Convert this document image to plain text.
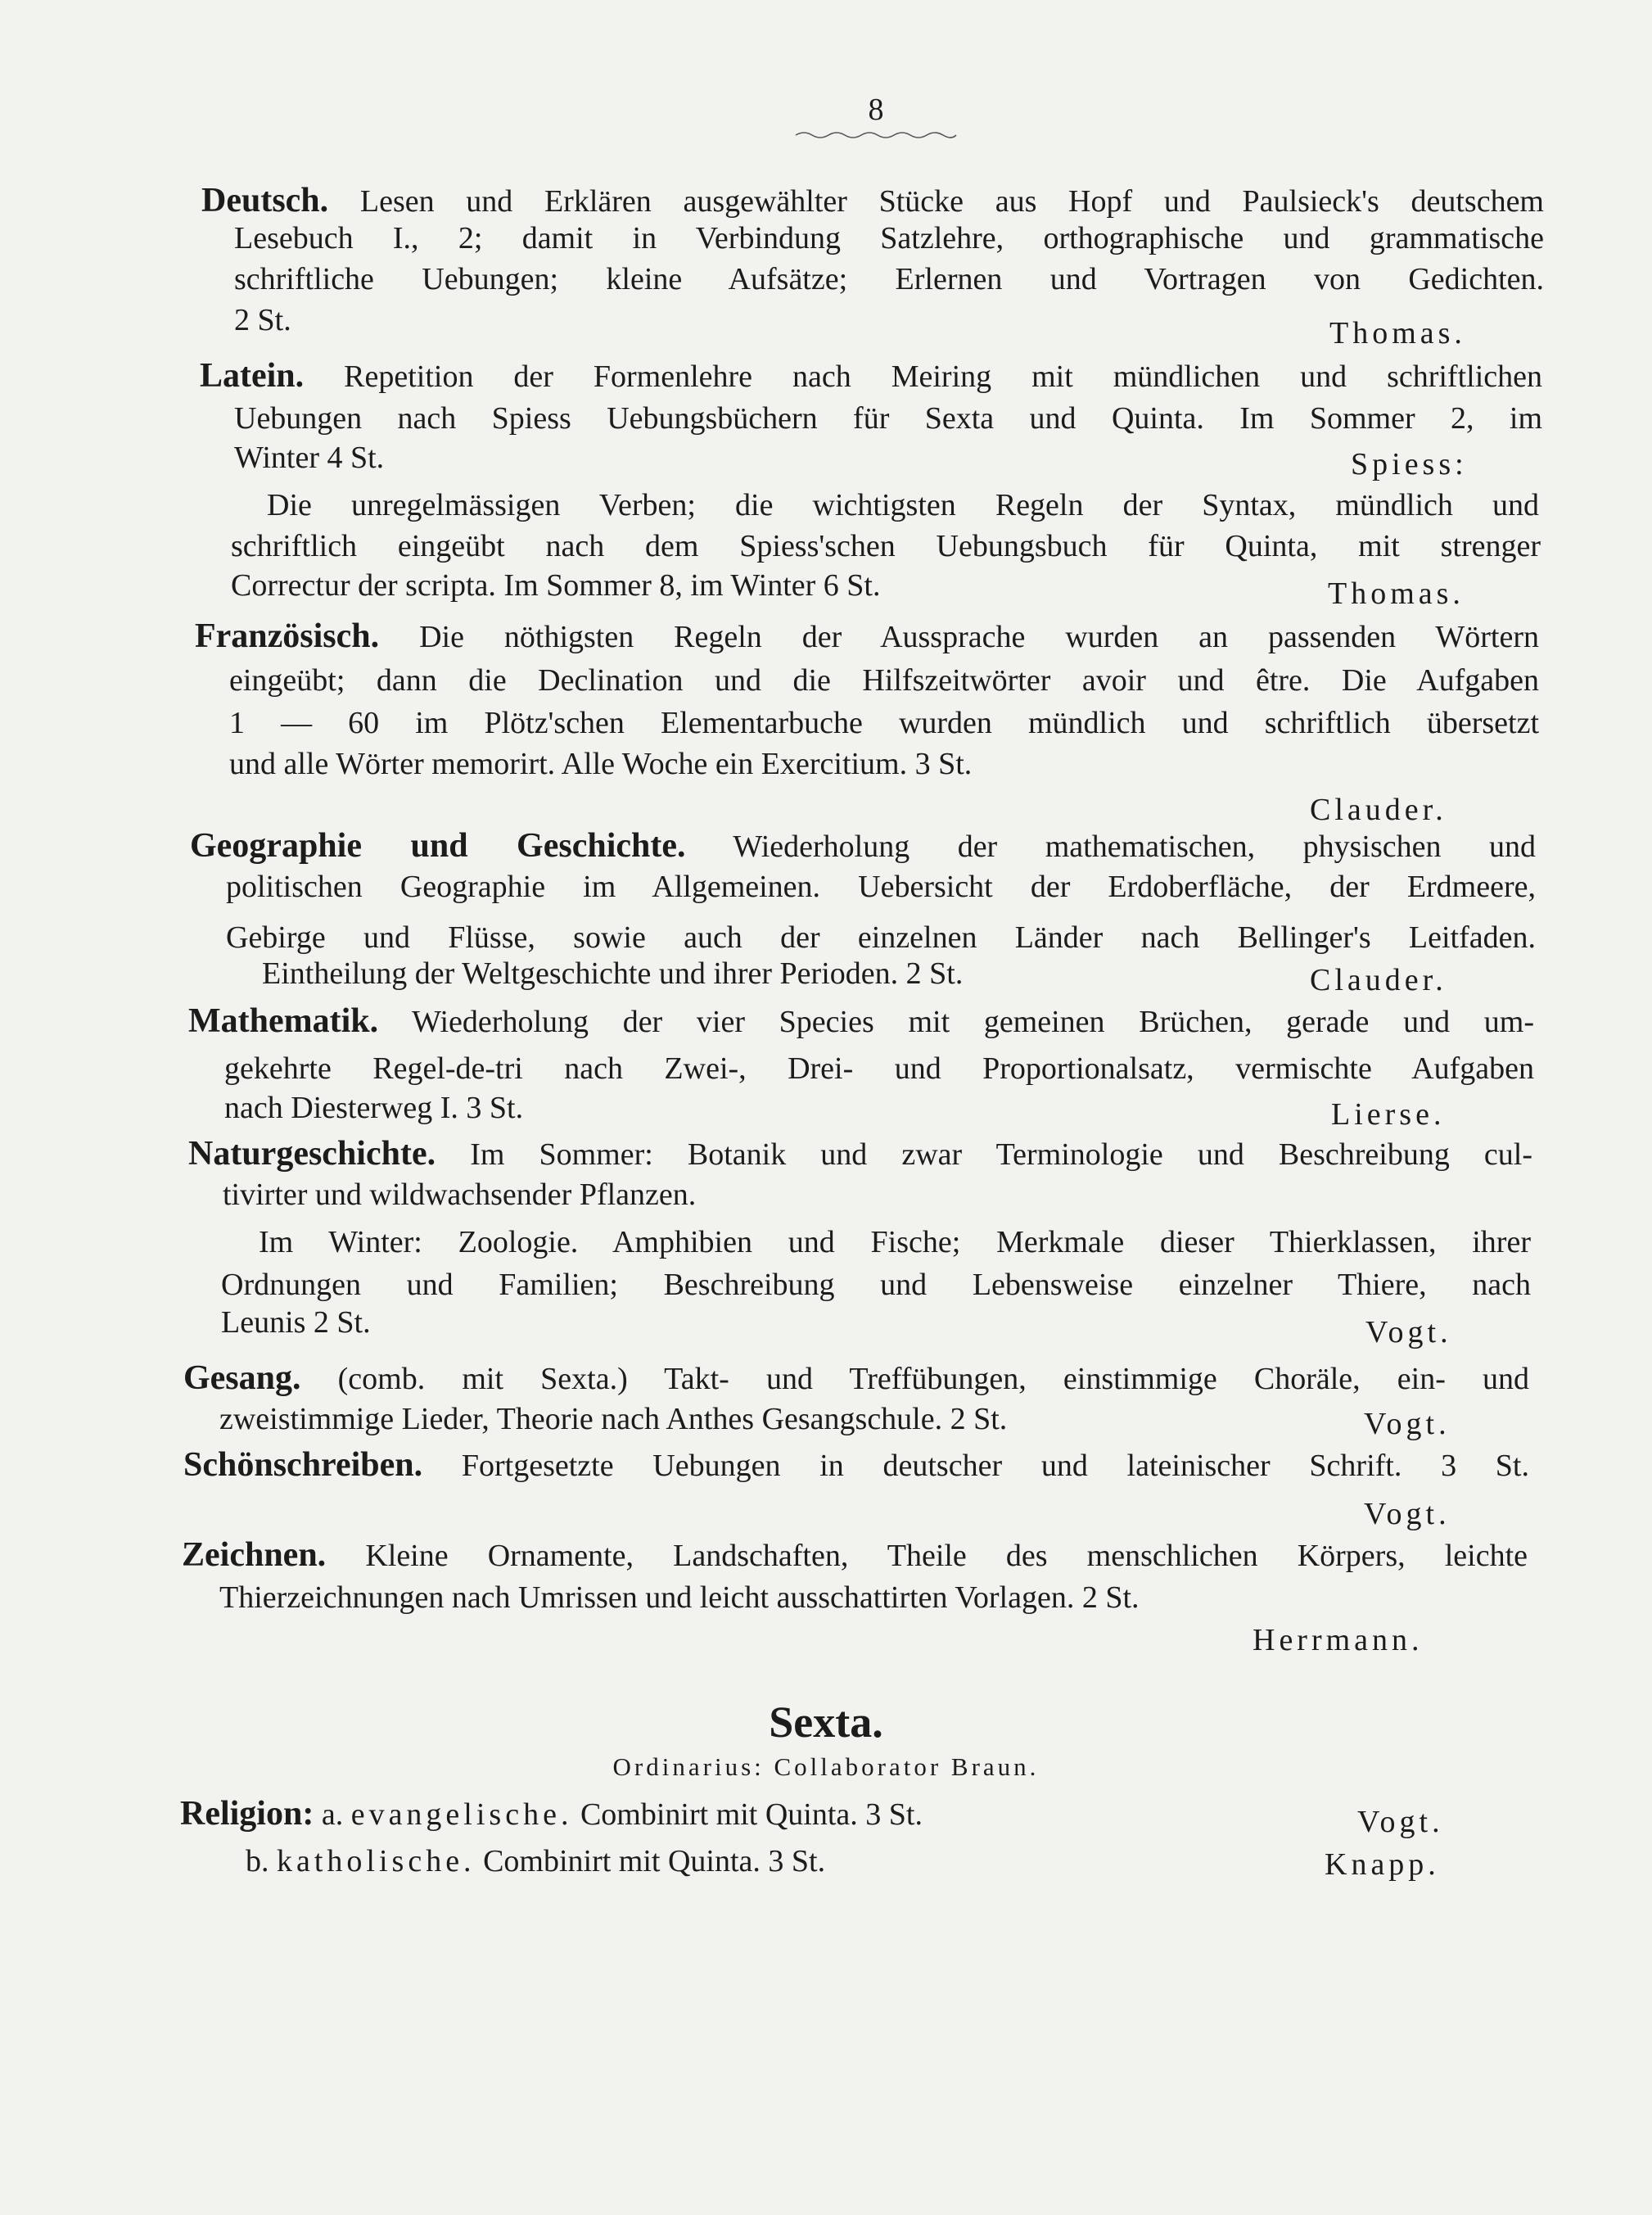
8
Deutsch. Lesen und Erklären ausgewählter Stücke aus Hopf und Paulsieck's deutschem
Lesebuch I., 2; damit in Verbindung Satzlehre, orthographische und grammatische
schriftliche Uebungen; kleine Aufsätze; Erlernen und Vortragen von Gedichten.
2 St.	Thomas.
Latein. Repetition der Formenlehre nach Meiring mit mündlichen und schriftlichen
Uebungen nach Spiess Uebungsbüchern für Sexta und Quinta. Im Sommer 2, im
Winter 4 St.	Spiess:
Die unregelmässigen Verben; die wichtigsten Regeln der Syntax, mündlich und
schriftlich eingeübt nach dem Spiess'schen Uebungsbuch für Quinta, mit strenger
Correctur der scripta. Im Sommer 8, im Winter 6 St.	Thomas.
Französisch. Die nöthigsten Regeln der Aussprache wurden an passenden Wörtern
eingeübt; dann die Declination und die Hilfszeitwörter avoir und être. Die Aufgaben
1 — 60 im Plötz'schen Elementarbuche wurden mündlich und schriftlich übersetzt
und alle Wörter memorirt. Alle Woche ein Exercitium. 3 St.
Clauder.
Geographie und Geschichte. Wiederholung der mathematischen, physischen und
politischen Geographie im Allgemeinen. Uebersicht der Erdoberfläche, der Erdmeere,
Gebirge und Flüsse, sowie auch der einzelnen Länder nach Bellinger's Leitfaden.
Eintheilung der Weltgeschichte und ihrer Perioden. 2 St.	Clauder.
Mathematik. Wiederholung der vier Species mit gemeinen Brüchen, gerade und um-
gekehrte Regel-de-tri nach Zwei-, Drei- und Proportionalsatz, vermischte Aufgaben
nach Diesterweg I. 3 St.	Lierse.
Naturgeschichte. Im Sommer: Botanik und zwar Terminologie und Beschreibung cul-
tivirter und wildwachsender Pflanzen.
Im Winter: Zoologie. Amphibien und Fische; Merkmale dieser Thierklassen, ihrer
Ordnungen und Familien; Beschreibung und Lebensweise einzelner Thiere, nach
Leunis 2 St.	Vogt.
Gesang. (comb. mit Sexta.) Takt- und Treffübungen, einstimmige Choräle, ein- und
zweistimmige Lieder, Theorie nach Anthes Gesangschule. 2 St.	Vogt.
Schönschreiben. Fortgesetzte Uebungen in deutscher und lateinischer Schrift. 3 St.
Vogt.
Zeichnen. Kleine Ornamente, Landschaften, Theile des menschlichen Körpers, leichte
Thierzeichnungen nach Umrissen und leicht ausschattirten Vorlagen. 2 St.
Herrmann.
Sexta.
Ordinarius: Collaborator Braun.
Religion: a. evangelische. Combinirt mit Quinta. 3 St.	Vogt.
b. katholische. Combinirt mit Quinta. 3 St.	Knapp.
